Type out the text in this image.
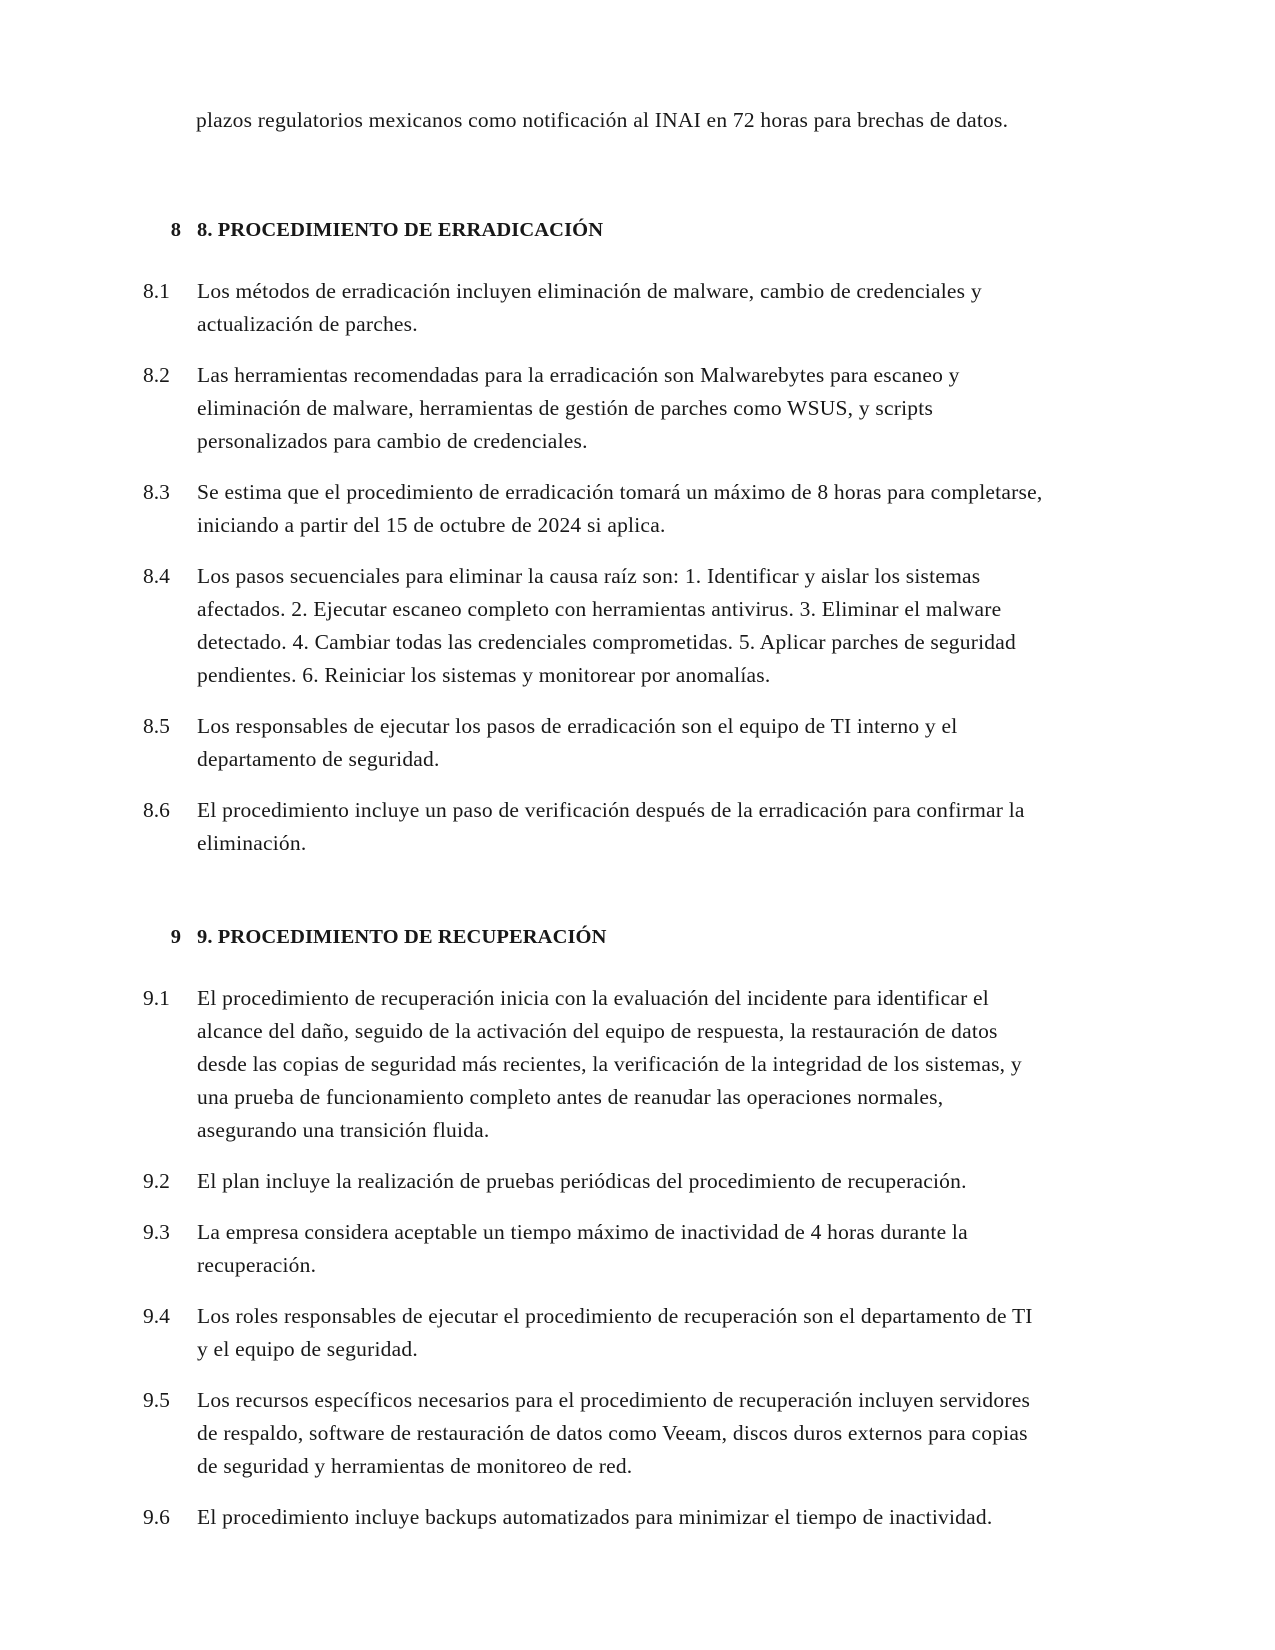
plazos regulatorios mexicanos como notificación al INAI en 72 horas para brechas de datos.

8 8. PROCEDIMIENTO DE ERRADICACIÓN
8.1	Los métodos de erradicación incluyen eliminación de malware, cambio de credenciales y actualización de parches.
8.2	Las herramientas recomendadas para la erradicación son Malwarebytes para escaneo y eliminación de malware, herramientas de gestión de parches como WSUS, y scripts personalizados para cambio de credenciales.
8.3	Se estima que el procedimiento de erradicación tomará un máximo de 8 horas para completarse, iniciando a partir del 15 de octubre de 2024 si aplica.
8.4	Los pasos secuenciales para eliminar la causa raíz son: 1. Identificar y aislar los sistemas afectados. 2. Ejecutar escaneo completo con herramientas antivirus. 3. Eliminar el malware detectado. 4. Cambiar todas las credenciales comprometidas. 5. Aplicar parches de seguridad pendientes. 6. Reiniciar los sistemas y monitorear por anomalías.
8.5	Los responsables de ejecutar los pasos de erradicación son el equipo de TI interno y el departamento de seguridad.
8.6	El procedimiento incluye un paso de verificación después de la erradicación para confirmar la eliminación.
9 9. PROCEDIMIENTO DE RECUPERACIÓN
9.1	El procedimiento de recuperación inicia con la evaluación del incidente para identificar el alcance del daño, seguido de la activación del equipo de respuesta, la restauración de datos desde las copias de seguridad más recientes, la verificación de la integridad de los sistemas, y una prueba de funcionamiento completo antes de reanudar las operaciones normales, asegurando una transición fluida.
9.2	El plan incluye la realización de pruebas periódicas del procedimiento de recuperación.
9.3	La empresa considera aceptable un tiempo máximo de inactividad de 4 horas durante la recuperación.
9.4	Los roles responsables de ejecutar el procedimiento de recuperación son el departamento de TI y el equipo de seguridad.
9.5	Los recursos específicos necesarios para el procedimiento de recuperación incluyen servidores de respaldo, software de restauración de datos como Veeam, discos duros externos para copias de seguridad y herramientas de monitoreo de red.
9.6	El procedimiento incluye backups automatizados para minimizar el tiempo de inactividad.
